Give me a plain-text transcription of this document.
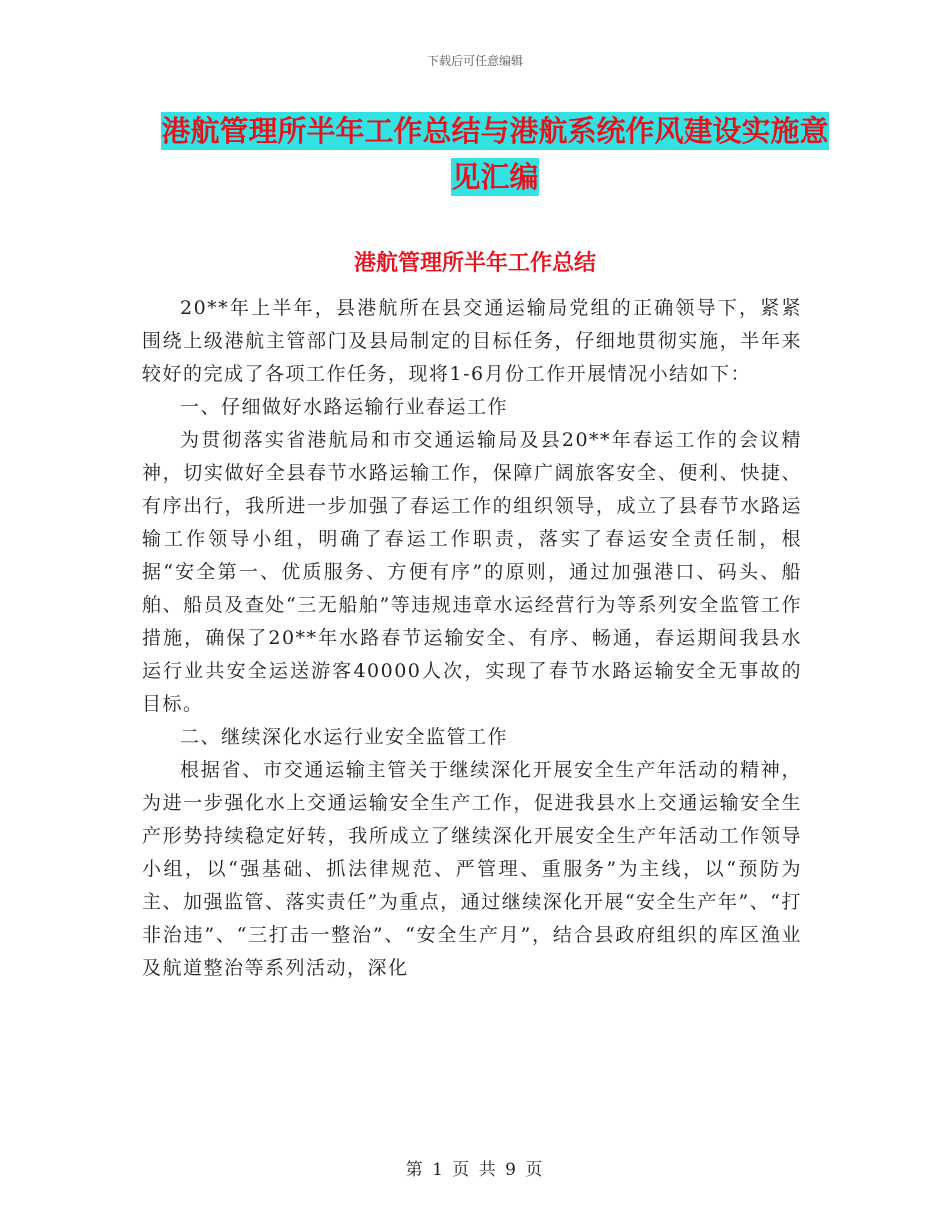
下载后可任意编辑
港航管理所半年工作总结与港航系统作风建设实施意
见汇编
港航管理所半年工作总结

20**年上半年，县港航所在县交通运输局党组的正确领导下，紧紧围绕上级港航主管部门及县局制定的目标任务，仔细地贯彻实施，半年来较好的完成了各项工作任务，现将1-6月份工作开展情况小结如下：

一、仔细做好水路运输行业春运工作

为贯彻落实省港航局和市交通运输局及县20**年春运工作的会议精神，切实做好全县春节水路运输工作，保障广阔旅客安全、便利、快捷、有序出行，我所进一步加强了春运工作的组织领导，成立了县春节水路运输工作领导小组，明确了春运工作职责，落实了春运安全责任制，根据“安全第一、优质服务、方便有序”的原则，通过加强港口、码头、船舶、船员及查处“三无船舶”等违规违章水运经营行为等系列安全监管工作措施，确保了20**年水路春节运输安全、有序、畅通，春运期间我县水运行业共安全运送游客40000人次，实现了春节水路运输安全无事故的目标。

二、继续深化水运行业安全监管工作

根据省、市交通运输主管关于继续深化开展安全生产年活动的精神，为进一步强化水上交通运输安全生产工作，促进我县水上交通运输安全生产形势持续稳定好转，我所成立了继续深化开展安全生产年活动工作领导小组，以“强基础、抓法律规范、严管理、重服务”为主线，以“预防为主、加强监管、落实责任”为重点，通过继续深化开展“安全生产年”、“打非治违”、“三打击一整治”、“安全生产月”，结合县政府组织的库区渔业及航道整治等系列活动，深化

第 1 页 共 9 页
